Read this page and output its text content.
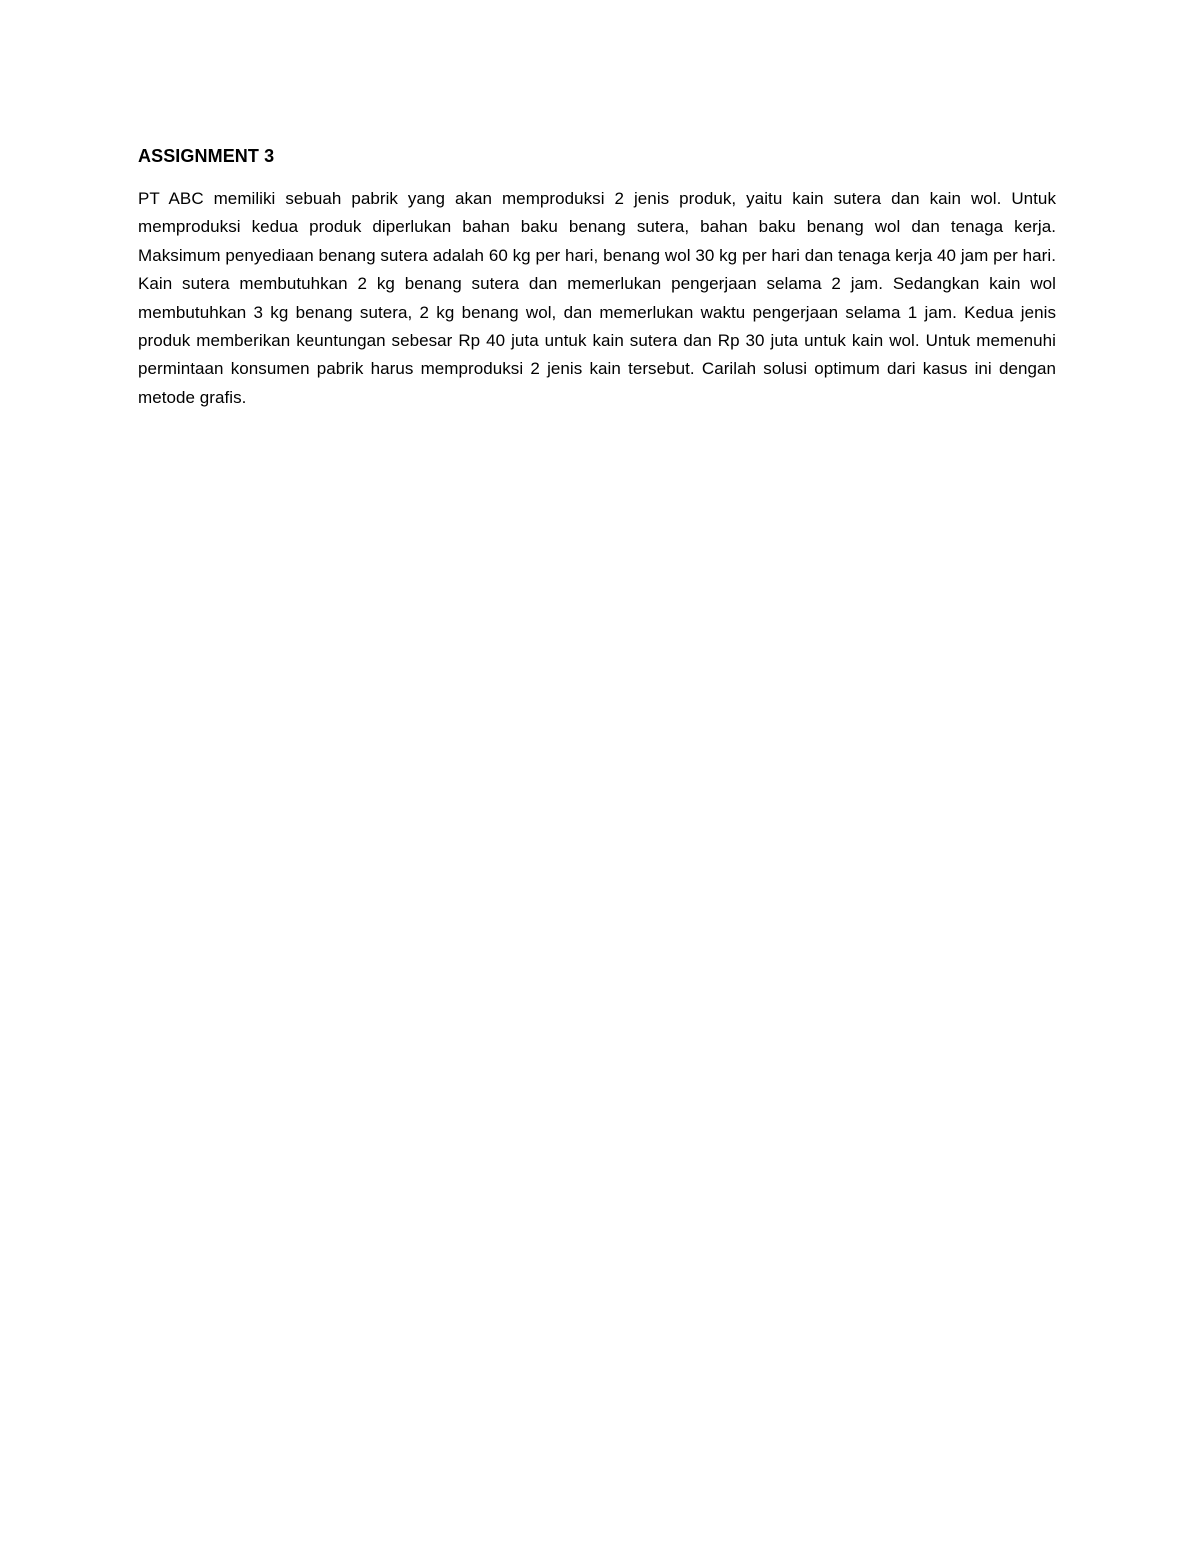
ASSIGNMENT 3

PT ABC memiliki sebuah pabrik yang akan memproduksi 2 jenis produk, yaitu kain sutera dan kain wol. Untuk memproduksi kedua produk diperlukan bahan baku benang sutera, bahan baku benang wol dan tenaga kerja. Maksimum penyediaan benang sutera adalah 60 kg per hari, benang wol 30 kg per hari dan tenaga kerja 40 jam per hari. Kain sutera membutuhkan 2 kg benang sutera dan memerlukan pengerjaan selama 2 jam. Sedangkan kain wol membutuhkan 3 kg benang sutera, 2 kg benang wol, dan memerlukan waktu pengerjaan selama 1 jam. Kedua jenis produk memberikan keuntungan sebesar Rp 40 juta untuk kain sutera dan Rp 30 juta untuk kain wol. Untuk memenuhi permintaan konsumen pabrik harus memproduksi 2 jenis kain tersebut. Carilah solusi optimum dari kasus ini dengan metode grafis.
